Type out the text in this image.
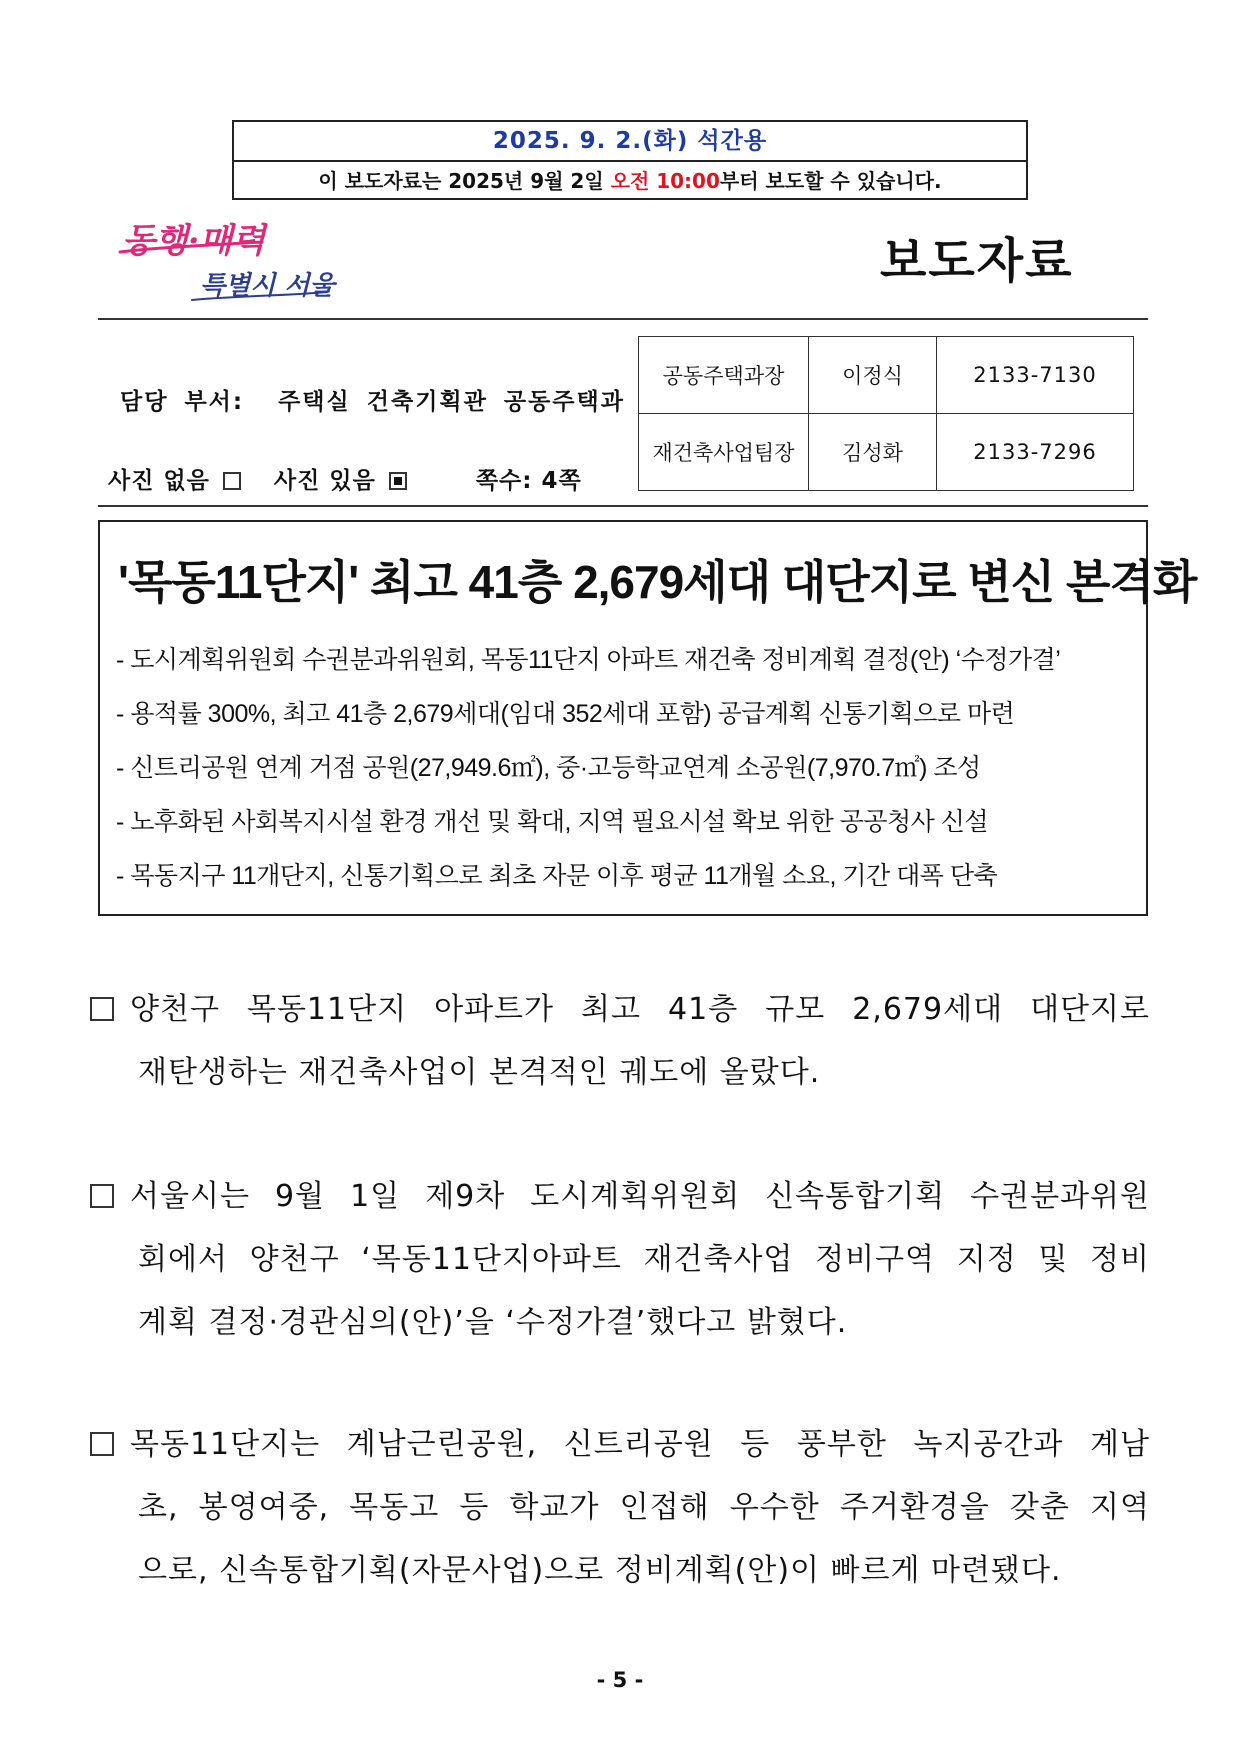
2025. 9. 2.(화) 석간용
이 보도자료는 2025년 9월 2일 오전 10:00부터 보도할 수 있습니다.
동행·매력
특별시 서울	보도자료
담당 부서: 주택실 건축기획관 공동주택과
사진 없음	사진 있음	쪽수: 4쪽
공동주택과장	이정식	2133-7130
재건축사업팀장	김성화	2133-7296
'목동11단지' 최고 41층 2,679세대 대단지로 변신 본격화
- 도시계획위원회 수권분과위원회, 목동11단지 아파트 재건축 정비계획 결정(안) ‘수정가결’
- 용적률 300%, 최고 41층 2,679세대(임대 352세대 포함) 공급계획 신통기획으로 마련
- 신트리공원 연계 거점 공원(27,949.6㎡), 중·고등학교연계 소공원(7,970.7㎡) 조성
- 노후화된 사회복지시설 환경 개선 및 확대, 지역 필요시설 확보 위한 공공청사 신설
- 목동지구 11개단지, 신통기획으로 최초 자문 이후 평균 11개월 소요, 기간 대폭 단축
양천구 목동11단지 아파트가 최고 41층 규모 2,679세대 대단지로
재탄생하는 재건축사업이 본격적인 궤도에 올랐다.
서울시는 9월 1일 제9차 도시계획위원회 신속통합기획 수권분과위원
회에서 양천구 ‘목동11단지아파트 재건축사업 정비구역 지정 및 정비
계획 결정·경관심의(안)’을 ‘수정가결’했다고 밝혔다.
목동11단지는 계남근린공원, 신트리공원 등 풍부한 녹지공간과 계남
초, 봉영여중, 목동고 등 학교가 인접해 우수한 주거환경을 갖춘 지역
으로, 신속통합기획(자문사업)으로 정비계획(안)이 빠르게 마련됐다.
- 5 -
